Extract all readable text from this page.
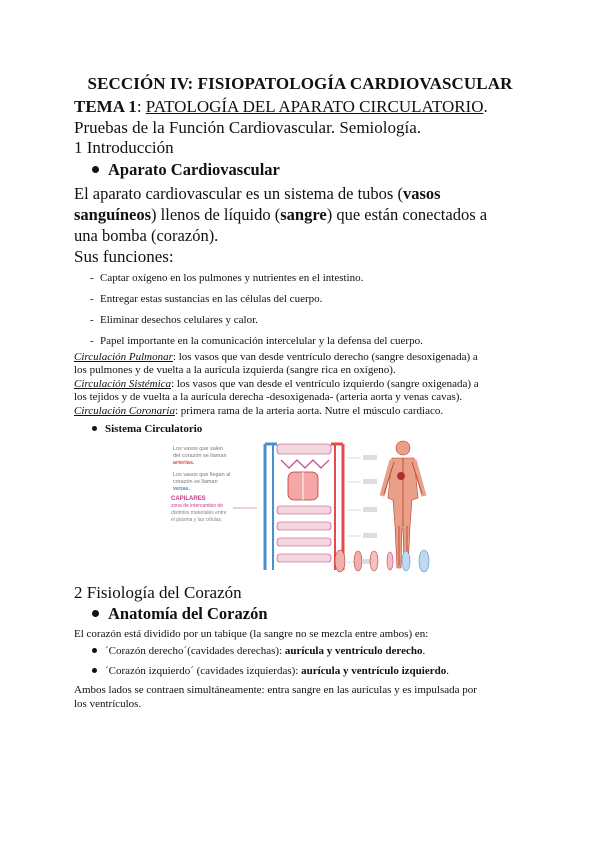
SECCIÓN IV: FISIOPATOLOGÍA CARDIOVASCULAR
TEMA 1: PATOLOGÍA DEL APARATO CIRCULATORIO.
Pruebas de la Función Cardiovascular. Semiología.
1 Introducción
Aparato Cardiovascular
El aparato cardiovascular es un sistema de tubos (vasos
sanguíneos) llenos de líquido (sangre) que están conectados a
una bomba (corazón).
Sus funciones:
- Captar oxígeno en los pulmones y nutrientes en el intestino.
- Entregar estas sustancias en las células del cuerpo.
- Eliminar desechos celulares y calor.
- Papel importante en la comunicación intercelular y la defensa del cuerpo.
Circulación Pulmonar: los vasos que van desde ventrículo derecho (sangre desoxigenada) a
los pulmones y de vuelta a la aurícula izquierda (sangre rica en oxígeno).
Circulación Sistémica: los vasos que van desde el ventrículo izquierdo (sangre oxigenada) a
los tejidos y de vuelta a la aurícula derecha -desoxigenada- (arteria aorta y venas cavas).
Circulación Coronaria: primera rama de la arteria aorta. Nutre el músculo cardiaco.
Sistema Circulatorio
Los vasos que salen
del corazón se llaman
arterias.
Los vasos que llegan al
corazón se llaman
venas.
CAPILARES
zona de intercambio de
distintos materiales entre
el plasma y las células.
2 Fisiología del Corazón
Anatomía del Corazón
El corazón está dividido por un tabique (la sangre no se mezcla entre ambos) en:
´Corazón derecho´(cavidades derechas): aurícula y ventrículo derecho.
´Corazón izquierdo´ (cavidades izquierdas): aurícula y ventrículo izquierdo.
Ambos lados se contraen simultáneamente: entra sangre en las aurículas y es impulsada por
los ventrículos.
